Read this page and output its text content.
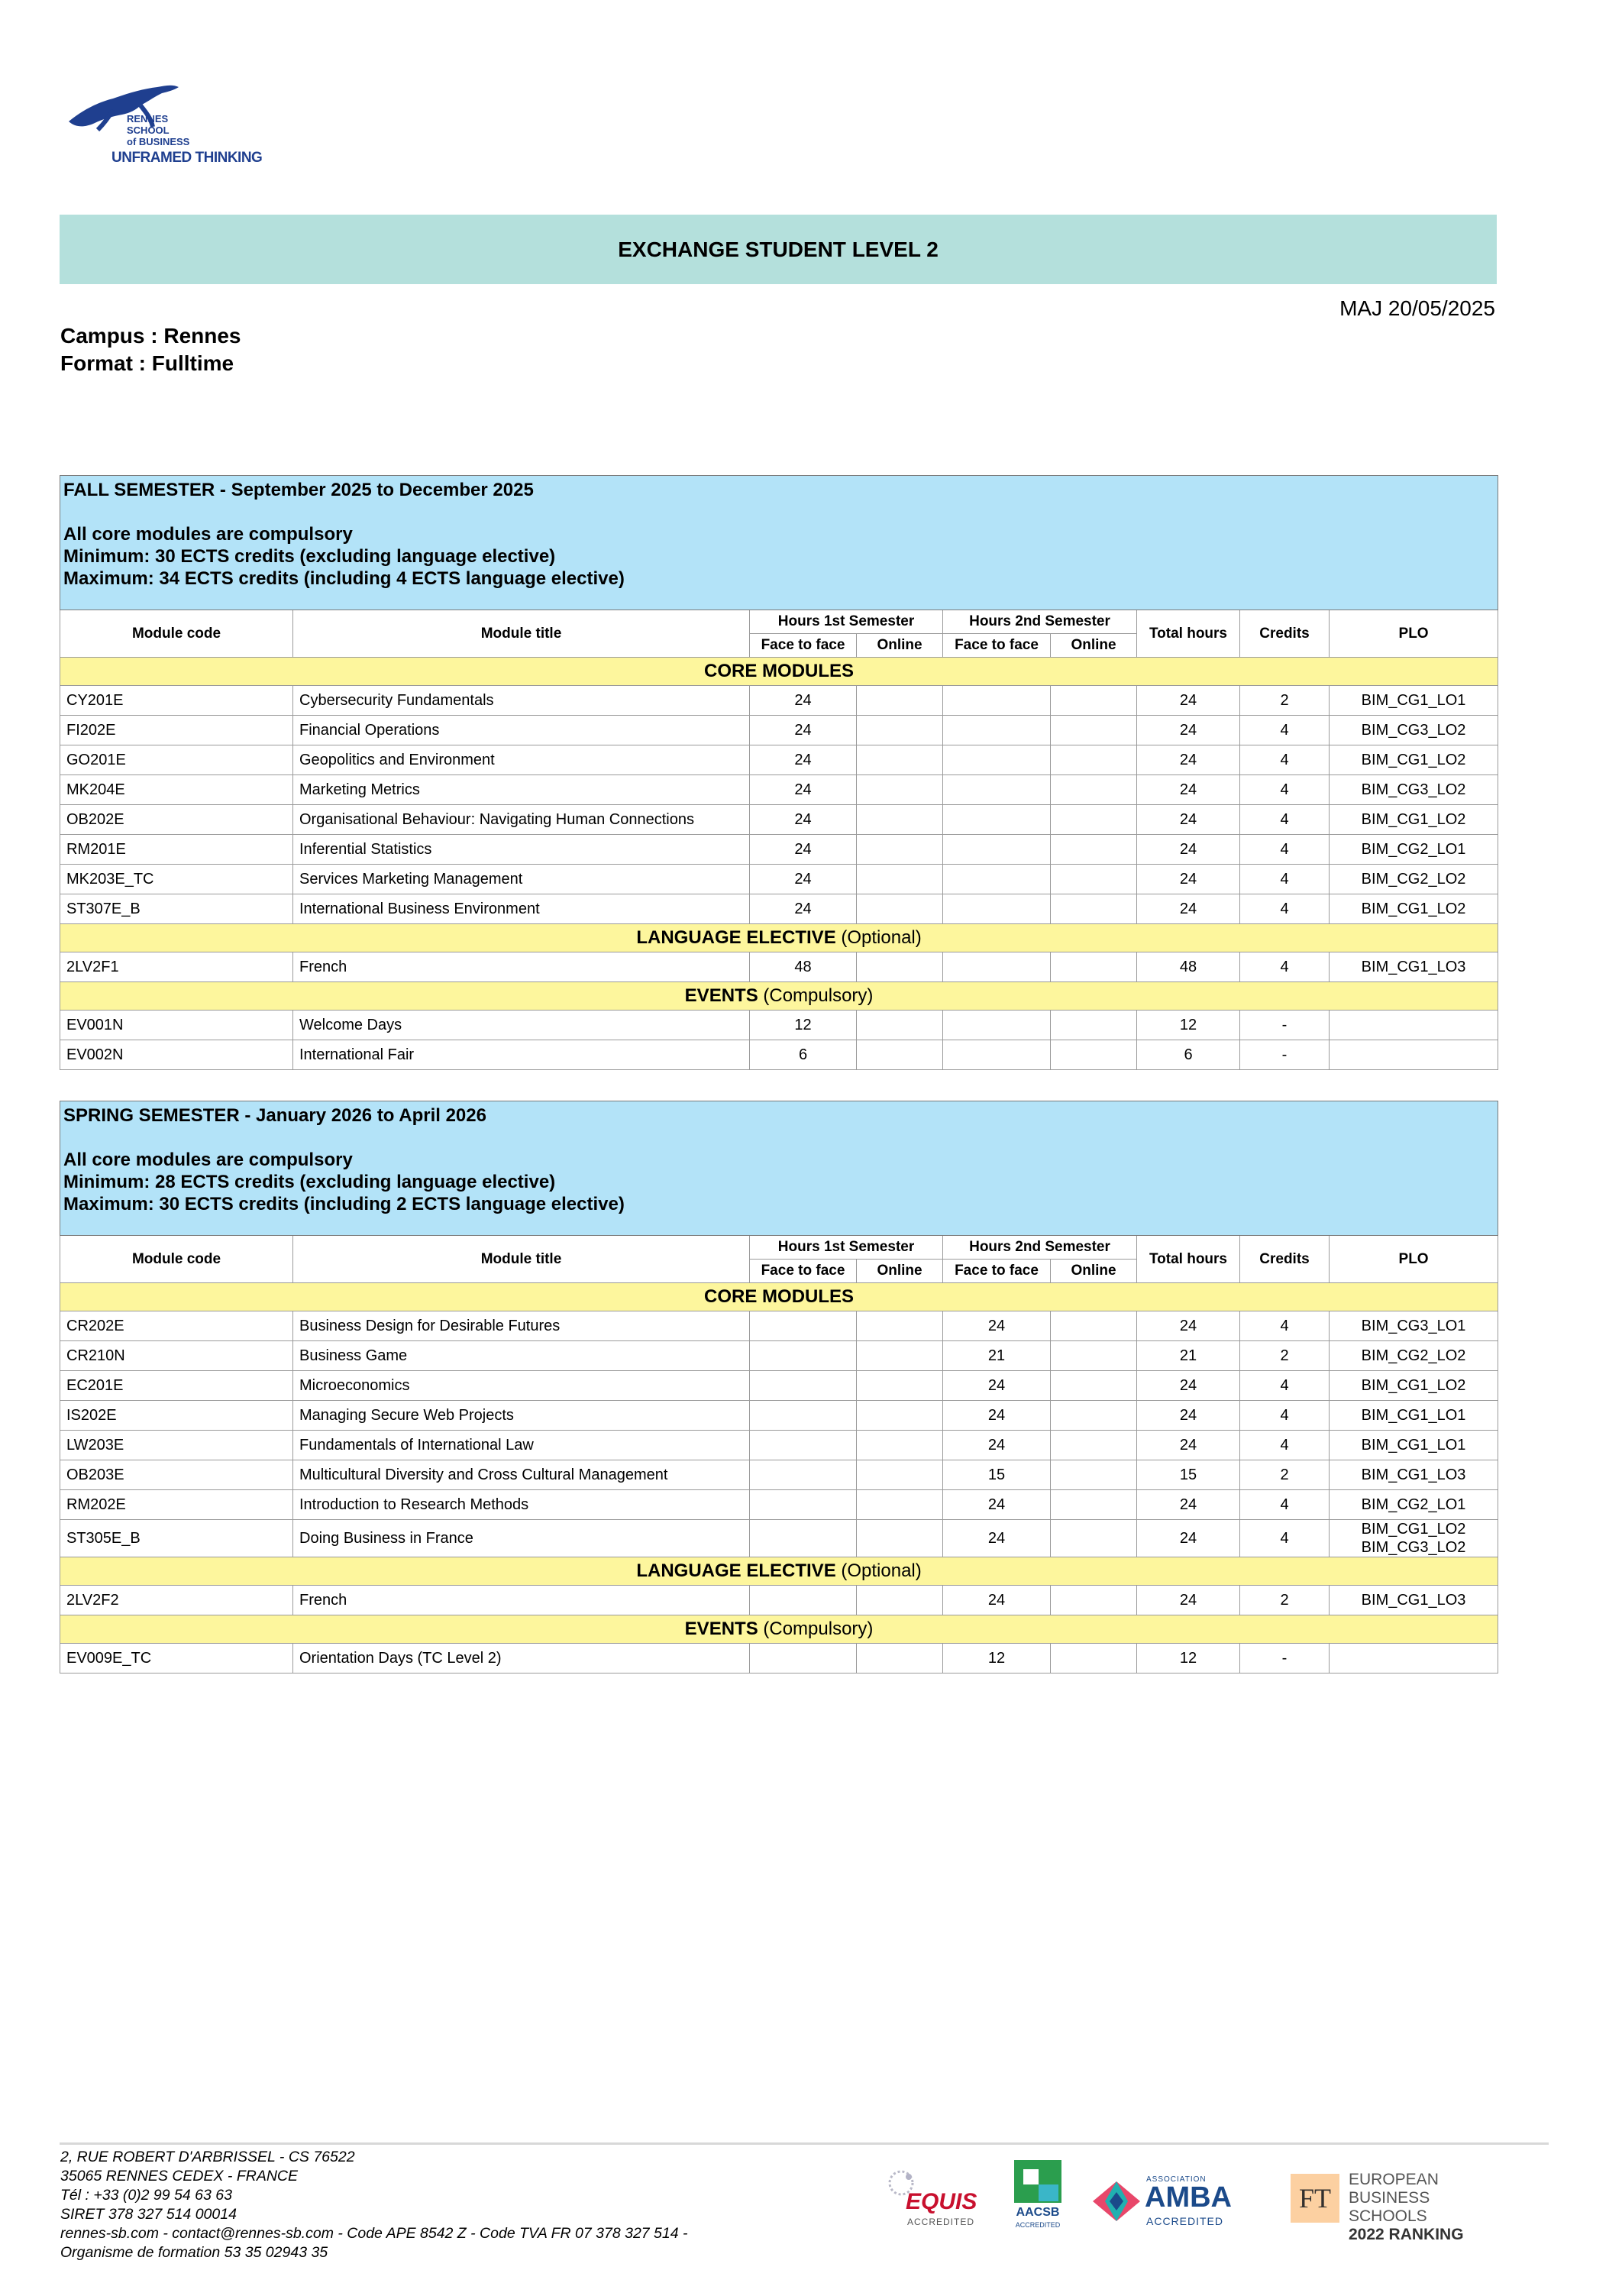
RENNES
SCHOOL
of BUSINESS
UNFRAMED THINKING
EXCHANGE STUDENT LEVEL 2
MAJ 20/05/2025
Campus : Rennes
Format : Fulltime
FALL SEMESTER - September 2025 to December 2025
All core modules are compulsory
Minimum: 30 ECTS credits (excluding language elective)
Maximum: 34 ECTS credits (including 4 ECTS language elective)								

Module code	Module title	Hours 1st Semester		Hours 2nd Semester		Total hours	Credits	PLO
		Face to face	Online	Face to face	Online			
CORE MODULES								
CY201E	Cybersecurity Fundamentals	24				24	2	BIM_CG1_LO1
FI202E	Financial Operations	24				24	4	BIM_CG3_LO2
GO201E	Geopolitics and Environment	24				24	4	BIM_CG1_LO2
MK204E	Marketing Metrics	24				24	4	BIM_CG3_LO2
OB202E	Organisational Behaviour: Navigating Human Connections	24				24	4	BIM_CG1_LO2
RM201E	Inferential Statistics	24				24	4	BIM_CG2_LO1
MK203E_TC	Services Marketing Management	24				24	4	BIM_CG2_LO2
ST307E_B	International Business Environment	24				24	4	BIM_CG1_LO2
LANGUAGE ELECTIVE (Optional)								
2LV2F1	French	48				48	4	BIM_CG1_LO3
EVENTS (Compulsory)								
EV001N	Welcome Days	12				12	-	
EV002N	International Fair	6				6	-	
SPRING SEMESTER - January 2026 to April 2026
All core modules are compulsory
Minimum: 28 ECTS credits (excluding language elective)
Maximum: 30 ECTS credits (including 2 ECTS language elective)								

Module code	Module title	Hours 1st Semester		Hours 2nd Semester		Total hours	Credits	PLO
		Face to face	Online	Face to face	Online			
CORE MODULES								
CR202E	Business Design for Desirable Futures			24		24	4	BIM_CG3_LO1
CR210N	Business Game			21		21	2	BIM_CG2_LO2
EC201E	Microeconomics			24		24	4	BIM_CG1_LO2
IS202E	Managing Secure Web Projects			24		24	4	BIM_CG1_LO1
LW203E	Fundamentals of International Law			24		24	4	BIM_CG1_LO1
OB203E	Multicultural Diversity and Cross Cultural Management			15		15	2	BIM_CG1_LO3
RM202E	Introduction to Research Methods			24		24	4	BIM_CG2_LO1
ST305E_B	Doing Business in France			24		24	4	BIM_CG1_LO2 BIM_CG3_LO2
LANGUAGE ELECTIVE (Optional)								
2LV2F2	French			24		24	2	BIM_CG1_LO3
EVENTS (Compulsory)								
EV009E_TC	Orientation Days (TC Level 2)			12		12	-	
2, RUE ROBERT D'ARBRISSEL - CS 76522
35065 RENNES CEDEX - FRANCE
Tél : +33 (0)2 99 54 63 63
SIRET 378 327 514 00014
rennes-sb.com - contact@rennes-sb.com - Code APE 8542 Z - Code TVA FR 07 378 327 514 -
Organisme de formation 53 35 02943 35
EQUIS
ACCREDITED
AACSB
ACCREDITED
ASSOCIATION
AMBA
ACCREDITED
FT
EUROPEAN
BUSINESS SCHOOLS
2022 RANKING
